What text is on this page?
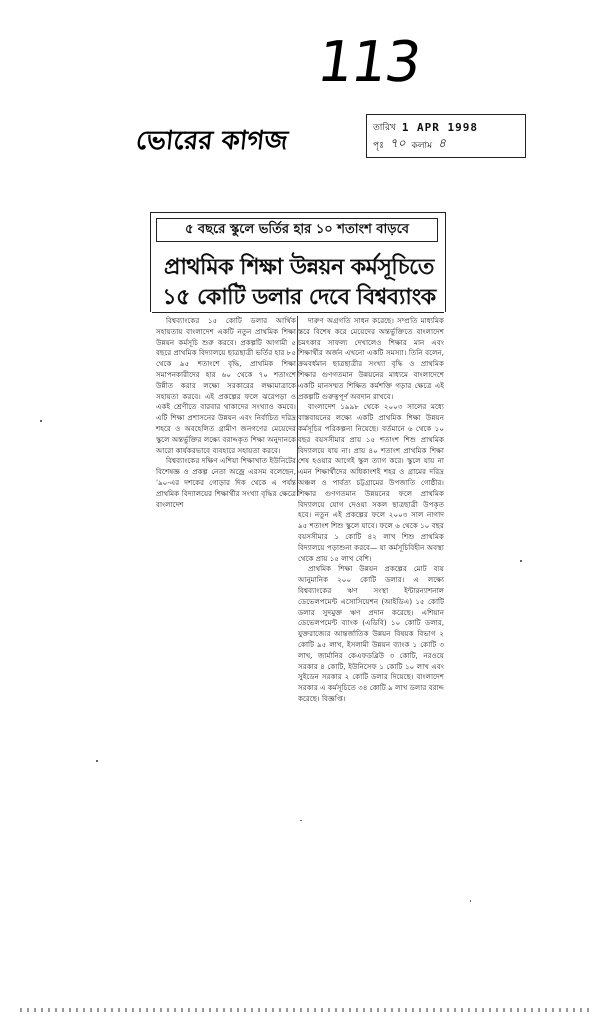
113
ভোরের কাগজ	তারিখ 1 APR 1998
পৃঃ ৭০ কলাম ৪
৫ বছরে স্কুলে ভর্তির হার ১০ শতাংশ বাড়বে
প্রাথমিক শিক্ষা উন্নয়ন কর্মসূচিতে
১৫ কোটি ডলার দেবে বিশ্বব্যাংক

বিশ্বব্যাংকের ১৫ কোটি ডলার আর্থিক সহায়তায় বাংলাদেশ একটি নতুন প্রাথমিক শিক্ষা উন্নয়ন কর্মসূচি শুরু করবে। প্রকল্পটি আগামী ৫ বছরে প্রাথমিক বিদ্যালয়ে ছাত্রছাত্রী ভর্তির হার ৮৫ থেকে ৯৫ শতাংশে বৃদ্ধি, প্রাথমিক শিক্ষা সমাপনকারীদের হার ৬০ থেকে ৭০ শতাংশে উন্নীত করার লক্ষ্যে সরকারের লক্ষ্যমাত্রাকে সহায়তা করবে। এই প্রকল্পের ফলে ঝরেপড়া ও একই শ্রেণীতে বারবার থাকাদের সংখ্যাও কমবে। এটি শিক্ষা প্রশাসনের উন্নয়ন এবং নির্বাচিত দরিদ্র শহরে ও অবহেলিত গ্রামীণ জনগণের মেয়েদের স্কুলে অন্তর্ভুক্তির লক্ষ্যে বরাদ্দকৃত শিক্ষা অনুদানকে আরো কার্যকরভাবে ব্যবহারে সহায়তা করবে।

বিশ্বব্যাংকের দক্ষিণ এশিয়া শিক্ষাখাত ইউনিটের বিশেষজ্ঞ ও প্রকল্প নেতা অজ্রে এরসম বলেছেন, '৯০-এর দশকের গোড়ার দিক থেকে এ পর্যন্ত প্রাথমিক বিদ্যালয়ের শিক্ষার্থীর সংখ্যা বৃদ্ধির ক্ষেত্রে বাংলাদেশ

দারুণ অগ্রগতি সাধন করেছে। সম্প্রতি মাধ্যমিক স্তরে বিশেষ করে মেয়েদের অন্তর্ভুক্তিতে বাংলাদেশ চমৎকার সাফল্য দেখালেও শিক্ষার মান এবং শিক্ষার্থীর অর্জন এখনো একটি সমস্যা। তিনি বলেন, ক্রমবর্ধমান ছাত্রছাত্রীর সংখ্যা বৃদ্ধি ও প্রাথমিক শিক্ষার গুণগতমান উন্নয়নের মাধ্যমে বাংলাদেশে একটি মানসম্মত শিক্ষিত কর্মশক্তি গড়ার ক্ষেত্রে এই প্রকল্পটি গুরুত্বপূর্ণ অবদান রাখবে।

বাংলাদেশ ১৯৯৮ থেকে ২০০৩ সালের মধ্যে বাস্তবায়নের লক্ষ্যে একটি প্রাথমিক শিক্ষা উন্নয়ন কর্মসূচির পরিকল্পনা নিয়েছে। বর্তমানে ৬ থেকে ১০ বছর বয়সসীমার প্রায় ১৫ শতাংশ শিশু প্রাথমিক বিদ্যালয়ে যায় না। প্রায় ৪০ শতাংশ প্রাথমিক শিক্ষা শেষ হওয়ার আগেই স্কুল ত্যাগ করে। স্কুলে যায় না এমন শিক্ষার্থীদের অধিকাংশই শহর ও গ্রামের দরিদ্র অঞ্চল ও পার্বত্য চট্টগ্রামের উপজাতি গোষ্ঠীর। শিক্ষার গুণগতমান উন্নয়নের ফলে প্রাথমিক বিদ্যালয়ে যোগ দেওয়া সকল ছাত্রছাত্রী উপকৃত হবে। নতুন এই প্রকল্পের ফলে ২০০৩ সাল নাগাদ ৯৫ শতাংশ শিশু স্কুলে যাবে। ফলে ৬ থেকে ১০ বছর বয়সসীমার ১ কোটি ৪২ লাখ শিশু প্রাথমিক বিদ্যালয়ে পড়াশুনা করবে— যা কর্মসূচিবিহীন অবস্থা থেকে প্রায় ১৫ লাখ বেশি।

প্রাথমিক শিক্ষা উন্নয়ন প্রকল্পের মোট ব্যয় আনুমানিক ২০০ কোটি ডলার। এ লক্ষ্যে বিশ্বব্যাংকের ঋণ সংস্থা ইন্টারন্যাশনাল ডেভেলপমেন্ট এসোসিয়েশন (আইডিএ) ১৫ কোটি ডলার সুদমুক্ত ঋণ প্রদান করেছে। এশিয়ান ডেভেলপমেন্ট ব্যাংক (এডিবি) ১০ কোটি ডলার, যুক্তরাজ্যের আন্তর্জাতিক উন্নয়ন বিষয়ক বিভাগ ২ কোটি ৯৫ লাখ, ইসলামী উন্নয়ন ব্যাংক ১ কোটি ৩ লাখ, জার্মানির কেএফডব্লিউ ৩ কোটি, নরওয়ে সরকার ৪ কোটি, ইউনিসেফ ১ কোটি ১০ লাখ এবং সুইডেন সরকার ২ কোটি ডলার দিয়েছে। বাংলাদেশ সরকার এ কর্মসূচিতে ৩৪ কোটি ৯ লাখ ডলার বরাদ্দ করেছে। বিজ্ঞপ্তি।
